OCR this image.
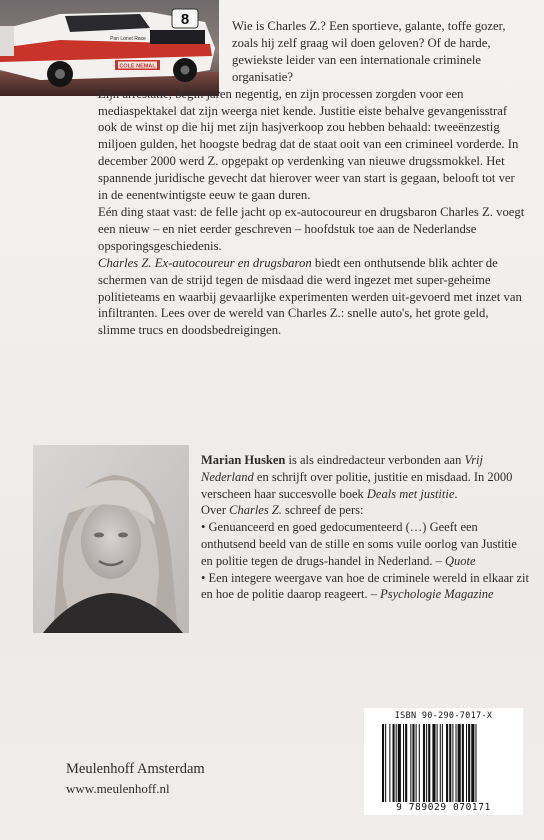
COLE NEMAL
Pan Lonet Race
8	Wie is Charles Z.? Een sportieve, galante, toffe gozer, zoals hij zelf graag wil doen geloven? Of de harde, gewiekste leider van een internationale criminele organisatie?

Zijn arrestatie, begin jaren negentig, en zijn processen zorgden voor een mediaspektakel dat zijn weerga niet kende. Justitie eiste behalve gevangenisstraf ook de winst op die hij met zijn hasjverkoop zou hebben behaald: tweeënzestig miljoen gulden, het hoogste bedrag dat de staat ooit van een crimineel vorderde. In december 2000 werd Z. opgepakt op verdenking van nieuwe drugssmokkel. Het spannende juridische gevecht dat hierover weer van start is gegaan, belooft tot ver in de eenentwintigste eeuw te gaan duren.

Eén ding staat vast: de felle jacht op ex-autocoureur en drugsbaron Charles Z. voegt een nieuw – en niet eerder geschreven – hoofdstuk toe aan de Nederlandse opsporingsgeschiedenis.

Charles Z. Ex-autocoureur en drugsbaron biedt een onthutsende blik achter de schermen van de strijd tegen de misdaad die werd ingezet met super-geheime politieteams en waarbij gevaarlijke experimenten werden uit-gevoerd met inzet van infiltranten. Lees over de wereld van Charles Z.: snelle auto's, het grote geld, slimme trucs en doodsbedreigingen.

Marian Husken is als eindredacteur verbonden aan Vrij Nederland en schrijft over politie, justitie en misdaad. In 2000 verscheen haar succesvolle boek Deals met justitie.

Over Charles Z. schreef de pers:

• Genuanceerd en goed gedocumenteerd (…) Geeft een onthutsend beeld van de stille en soms vuile oorlog van Justitie en politie tegen de drugs-handel in Nederland. – Quote

• Een integere weergave van hoe de criminele wereld in elkaar zit en hoe de politie daarop reageert. – Psychologie Magazine

Meulenhoff Amsterdam
www.meulenhoff.nl
ISBN 90-290-7017-X
9 789029 070171
